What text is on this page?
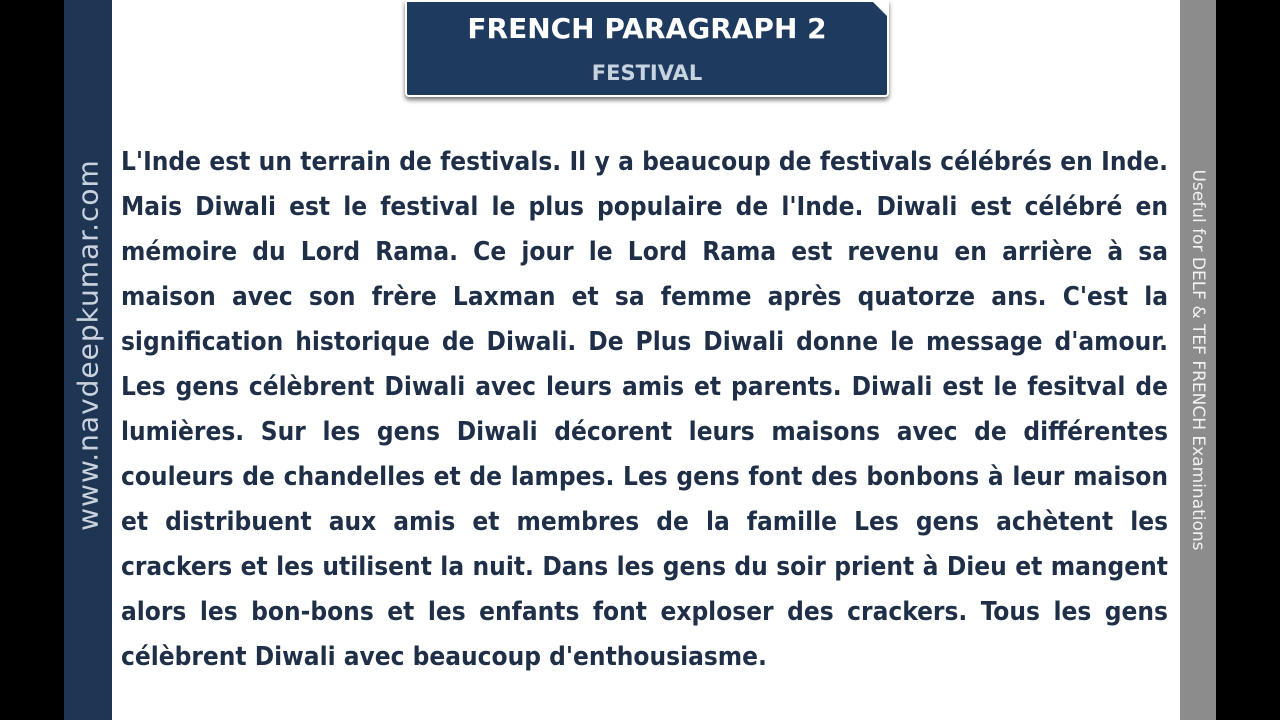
www.navdeepkumar.com
FRENCH PARAGRAPH 2
FESTIVAL

L'Inde est un terrain de festivals. Il y a beaucoup de festivals célébrés en Inde. Mais Diwali est le festival le plus populaire de l'Inde. Diwali est célébré en mémoire du Lord Rama. Ce jour le Lord Rama est revenu en arrière à sa maison avec son frère Laxman et sa femme après quatorze ans. C'est la signification historique de Diwali. De Plus Diwali donne le message d'amour. Les gens célèbrent Diwali avec leurs amis et parents. Diwali est le fesitval de lumières. Sur les gens Diwali décorent leurs maisons avec de différentes couleurs de chandelles et de lampes. Les gens font des bonbons à leur maison et distribuent aux amis et membres de la famille Les gens achètent les crackers et les utilisent la nuit. Dans les gens du soir prient à Dieu et mangent alors les bon-bons et les enfants font exploser des crackers. Tous les gens célèbrent Diwali avec beaucoup d'enthousiasme.

Useful for DELF & TEF FRENCH Examinations
